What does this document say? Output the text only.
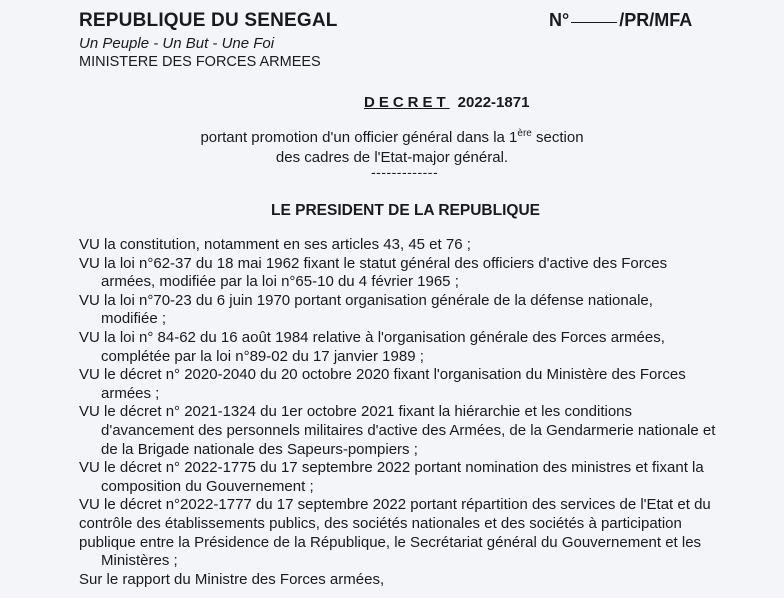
REPUBLIQUE DU SENEGAL
Un Peuple - Un But - Une Foi
MINISTERE DES FORCES ARMEES
N°	/PR/MFA
DECRET 2022-1871
portant promotion d'un officier général dans la 1ère section
des cadres de l'Etat-major général.
-------------
LE PRESIDENT DE LA REPUBLIQUE
VU la constitution, notamment en ses articles 43, 45 et 76 ;
VU la loi n°62-37 du 18 mai 1962 fixant le statut général des officiers d'active des Forces
armées, modifiée par la loi n°65-10 du 4 février 1965 ;
VU la loi n°70-23 du 6 juin 1970 portant organisation générale de la défense nationale,
modifiée ;
VU la loi n° 84-62 du 16 août 1984 relative à l'organisation générale des Forces armées,
complétée par la loi n°89-02 du 17 janvier 1989 ;
VU le décret n° 2020-2040 du 20 octobre 2020 fixant l'organisation du Ministère des Forces
armées ;
VU le décret n° 2021-1324 du 1er octobre 2021 fixant la hiérarchie et les conditions
d'avancement des personnels militaires d'active des Armées, de la Gendarmerie nationale et
de la Brigade nationale des Sapeurs-pompiers ;
VU le décret n° 2022-1775 du 17 septembre 2022 portant nomination des ministres et fixant la
composition du Gouvernement ;
VU le décret n°2022-1777 du 17 septembre 2022 portant répartition des services de l'Etat et du
contrôle des établissements publics, des sociétés nationales et des sociétés à participation
publique entre la Présidence de la République, le Secrétariat général du Gouvernement et les
Ministères ;
Sur le rapport du Ministre des Forces armées,
